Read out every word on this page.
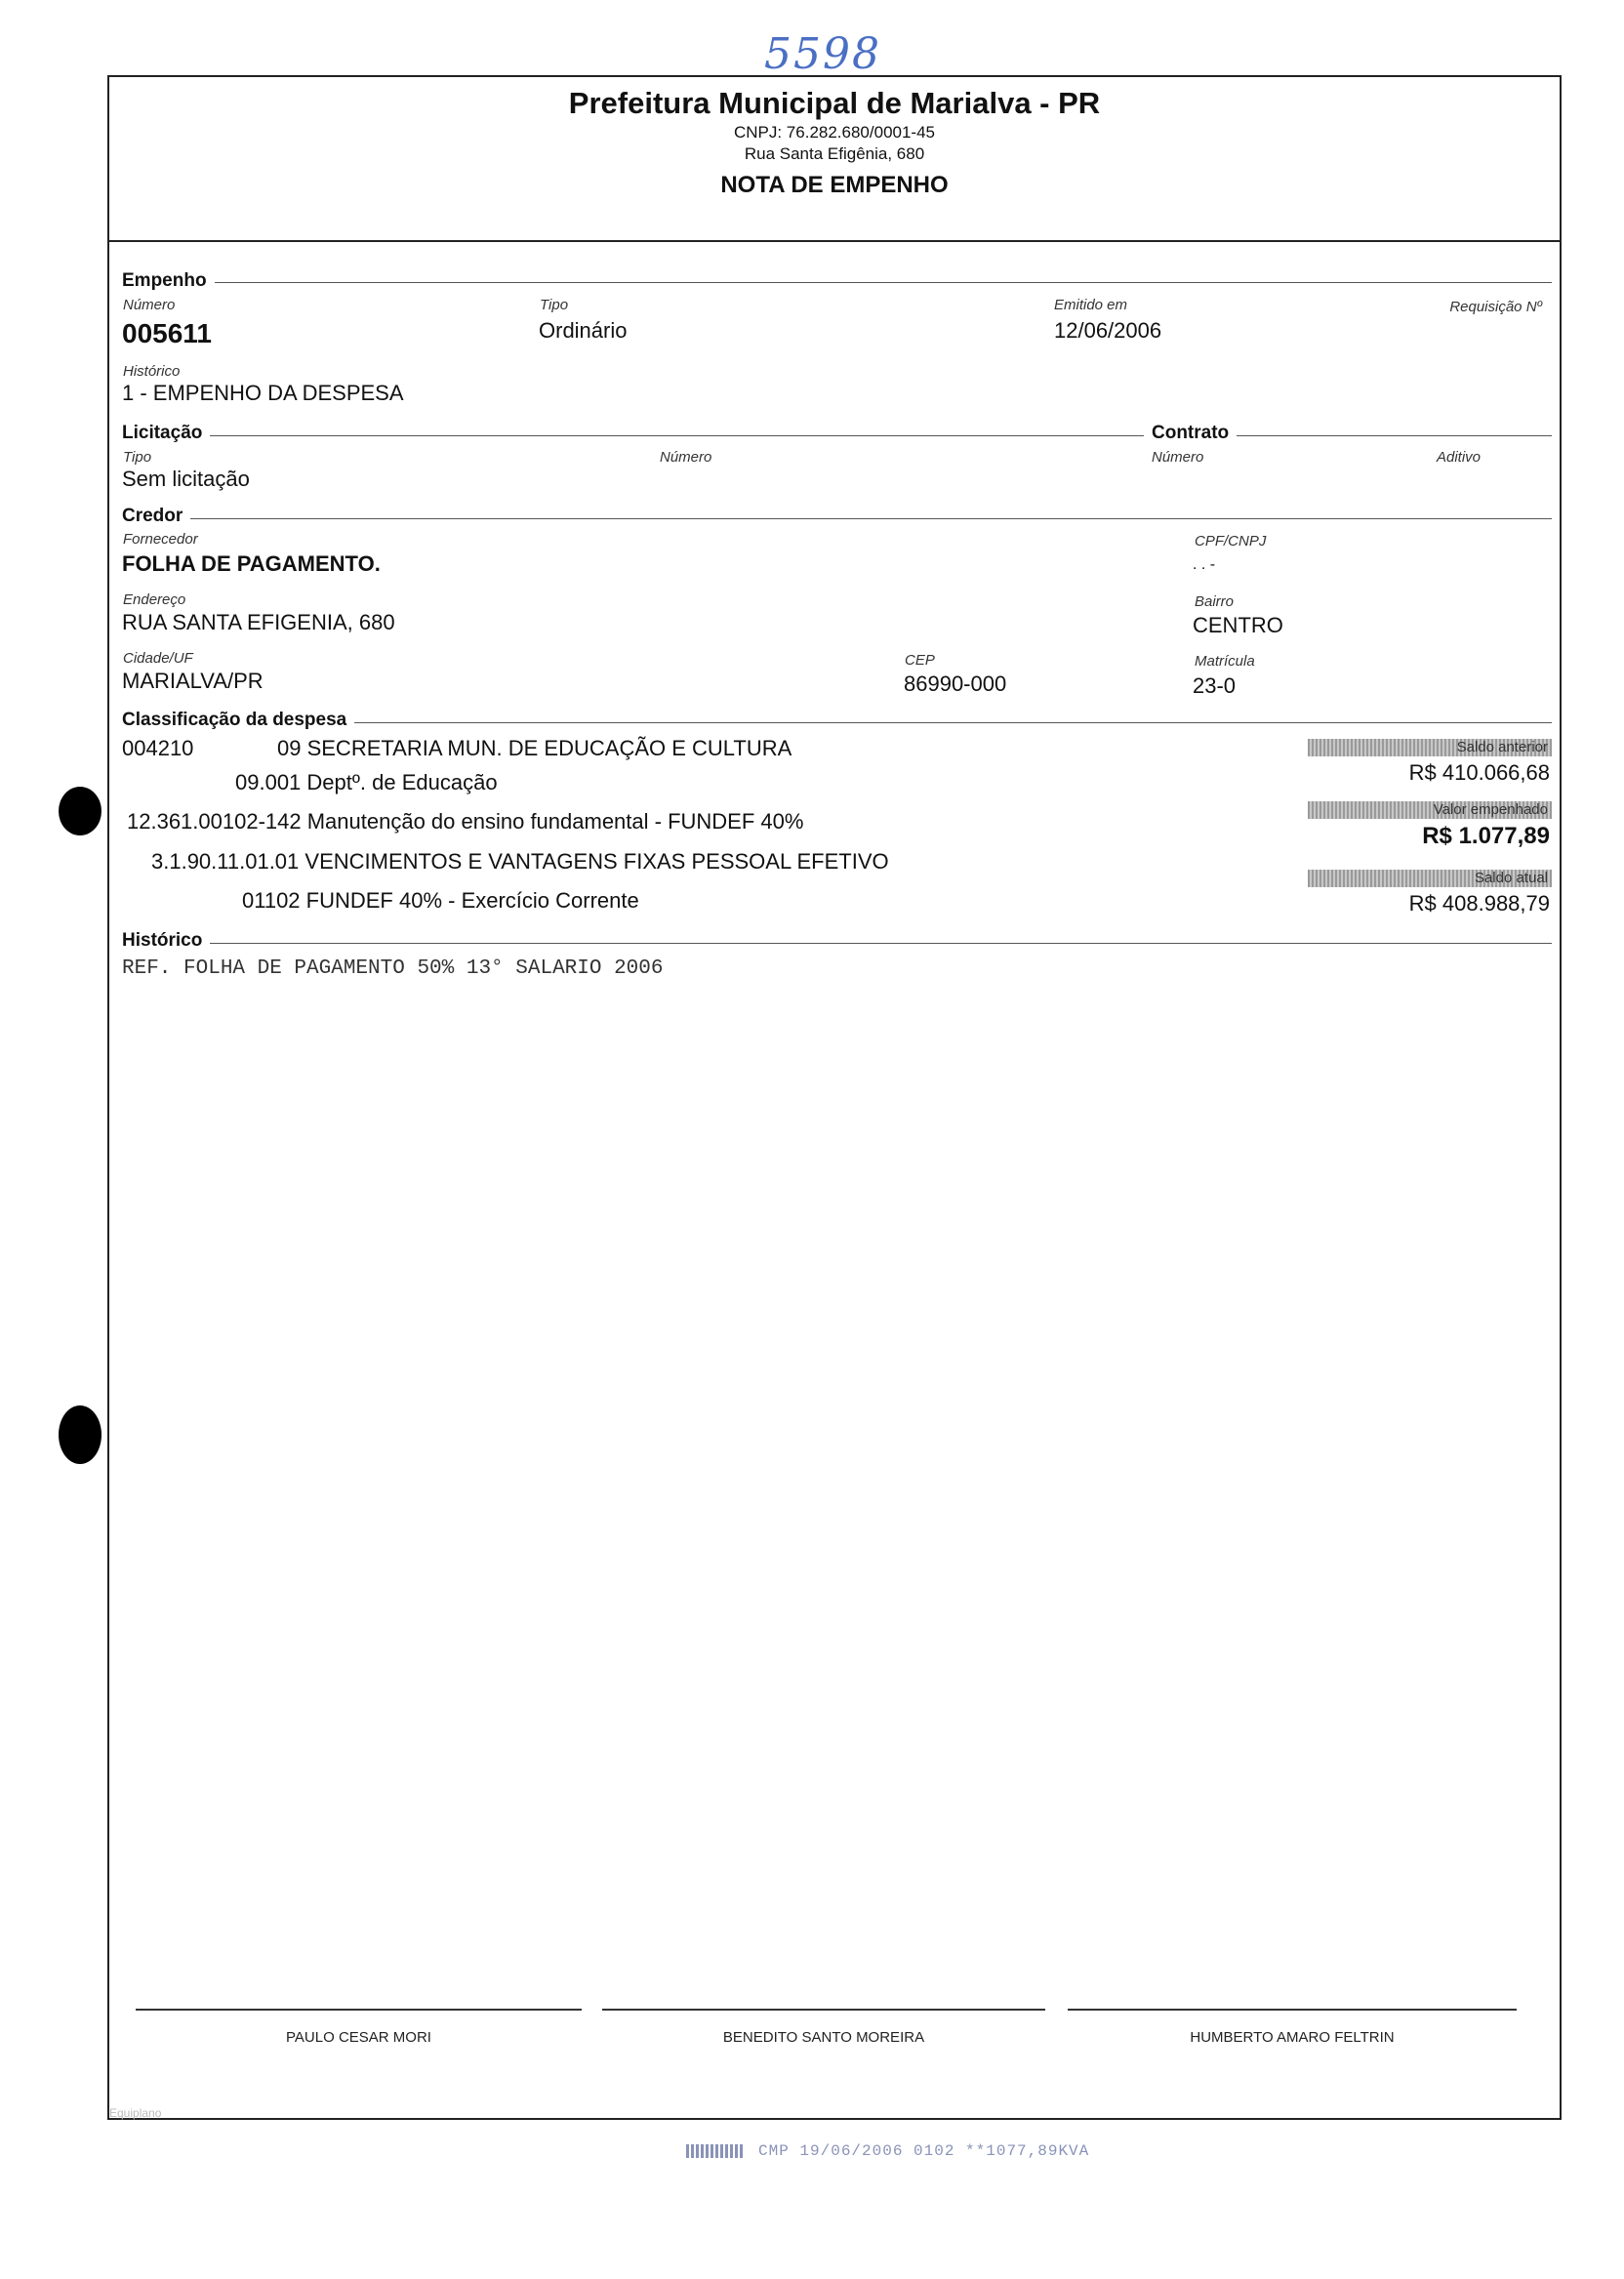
5598
Prefeitura Municipal de Marialva - PR
CNPJ: 76.282.680/0001-45
Rua Santa Efigênia, 680
NOTA DE EMPENHO
Empenho
Número
005611
Tipo
Ordinário
Emitido em
12/06/2006
Requisição Nº
Histórico
1 - EMPENHO DA DESPESA
Licitação	Contrato
Tipo
Sem licitação
Número	Número	Aditivo
Credor
Fornecedor
FOLHA DE PAGAMENTO.
CPF/CNPJ
. . -
Endereço
RUA SANTA EFIGENIA, 680
Bairro
CENTRO
Cidade/UF
MARIALVA/PR
CEP
86990-000
Matrícula
23-0
Classificação da despesa
004210	09 SECRETARIA MUN. DE EDUCAÇÃO E CULTURA
09.001 Deptº. de Educação
12.361.00102-142 Manutenção do ensino fundamental - FUNDEF 40%
3.1.90.11.01.01 VENCIMENTOS E VANTAGENS FIXAS PESSOAL EFETIVO
01102 FUNDEF 40% - Exercício Corrente
Saldo anterior
R$ 410.066,68
Valor empenhado
R$ 1.077,89
Saldo atual
R$ 408.988,79
Histórico
REF. FOLHA DE PAGAMENTO 50% 13° SALARIO 2006
PAULO CESAR MORI	BENEDITO SANTO MOREIRA	HUMBERTO AMARO FELTRIN
Equiplano
CMP 19/06/2006 0102 **1077,89KVA
